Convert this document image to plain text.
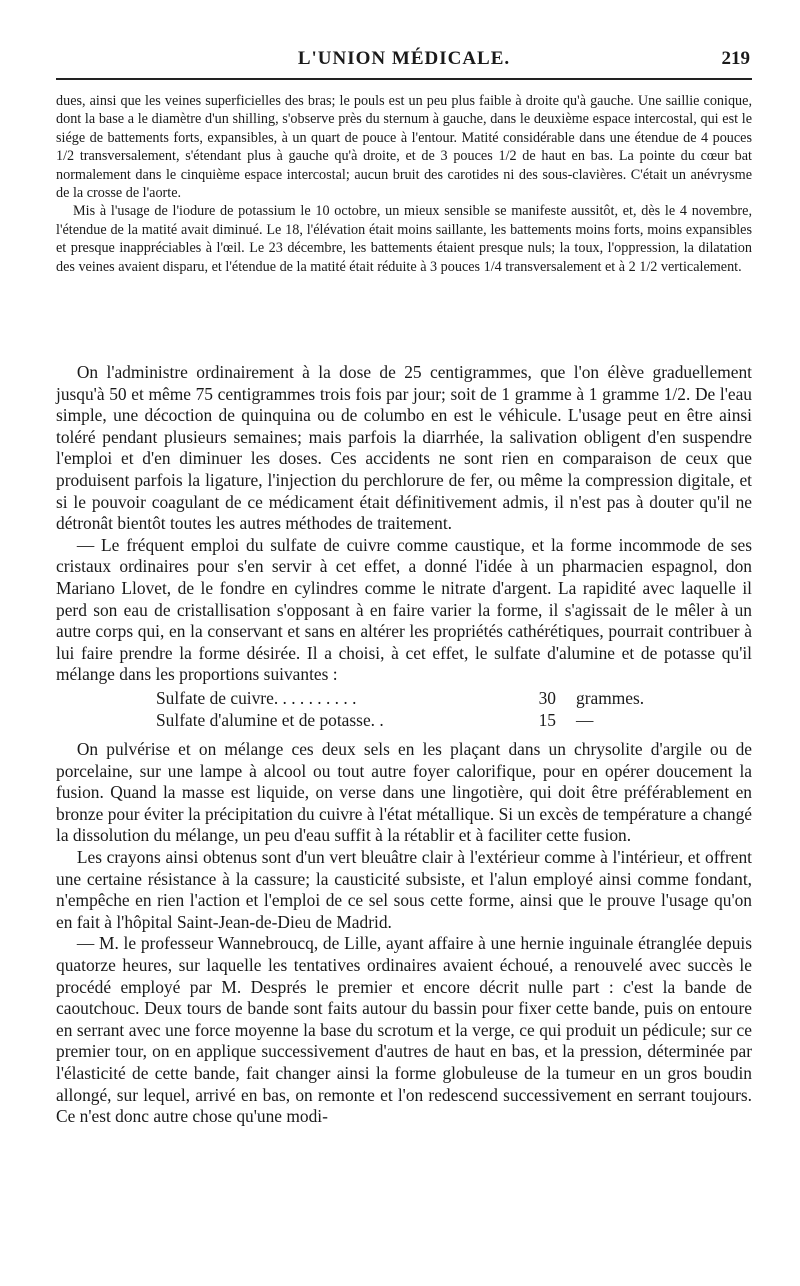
L'UNION MÉDICALE.	219

dues, ainsi que les veines superficielles des bras; le pouls est un peu plus faible à droite qu'à gauche. Une saillie conique, dont la base a le diamètre d'un shilling, s'observe près du sternum à gauche, dans le deuxième espace intercostal, qui est le siége de battements forts, expansibles, à un quart de pouce à l'entour. Matité considérable dans une étendue de 4 pouces 1/2 transversalement, s'étendant plus à gauche qu'à droite, et de 3 pouces 1/2 de haut en bas. La pointe du cœur bat normalement dans le cinquième espace intercostal; aucun bruit des carotides ni des sous-clavières. C'était un anévrysme de la crosse de l'aorte.

Mis à l'usage de l'iodure de potassium le 10 octobre, un mieux sensible se manifeste aussitôt, et, dès le 4 novembre, l'étendue de la matité avait diminué. Le 18, l'élévation était moins saillante, les battements moins forts, moins expansibles et presque inappréciables à l'œil. Le 23 décembre, les battements étaient presque nuls; la toux, l'oppression, la dilatation des veines avaient disparu, et l'étendue de la matité était réduite à 3 pouces 1/4 transversalement et à 2 1/2 verticalement.

On l'administre ordinairement à la dose de 25 centigrammes, que l'on élève graduellement jusqu'à 50 et même 75 centigrammes trois fois par jour; soit de 1 gramme à 1 gramme 1/2. De l'eau simple, une décoction de quinquina ou de columbo en est le véhicule. L'usage peut en être ainsi toléré pendant plusieurs semaines; mais parfois la diarrhée, la salivation obligent d'en suspendre l'emploi et d'en diminuer les doses. Ces accidents ne sont rien en comparaison de ceux que produisent parfois la ligature, l'injection du perchlorure de fer, ou même la compression digitale, et si le pouvoir coagulant de ce médicament était définitivement admis, il n'est pas à douter qu'il ne détronât bientôt toutes les autres méthodes de traitement.

— Le fréquent emploi du sulfate de cuivre comme caustique, et la forme incommode de ses cristaux ordinaires pour s'en servir à cet effet, a donné l'idée à un pharmacien espagnol, don Mariano Llovet, de le fondre en cylindres comme le nitrate d'argent. La rapidité avec laquelle il perd son eau de cristallisation s'opposant à en faire varier la forme, il s'agissait de le mêler à un autre corps qui, en la conservant et sans en altérer les propriétés cathérétiques, pourrait contribuer à lui faire prendre la forme désirée. Il a choisi, à cet effet, le sulfate d'alumine et de potasse qu'il mélange dans les proportions suivantes :

Sulfate de cuivre. . . . . . . . . .	30	grammes.
Sulfate d'alumine et de potasse. .	15	—

On pulvérise et on mélange ces deux sels en les plaçant dans un chrysolite d'argile ou de porcelaine, sur une lampe à alcool ou tout autre foyer calorifique, pour en opérer doucement la fusion. Quand la masse est liquide, on verse dans une lingotière, qui doit être préférablement en bronze pour éviter la précipitation du cuivre à l'état métallique. Si un excès de température a changé la dissolution du mélange, un peu d'eau suffit à la rétablir et à faciliter cette fusion.

Les crayons ainsi obtenus sont d'un vert bleuâtre clair à l'extérieur comme à l'intérieur, et offrent une certaine résistance à la cassure; la causticité subsiste, et l'alun employé ainsi comme fondant, n'empêche en rien l'action et l'emploi de ce sel sous cette forme, ainsi que le prouve l'usage qu'on en fait à l'hôpital Saint-Jean-de-Dieu de Madrid.

— M. le professeur Wannebroucq, de Lille, ayant affaire à une hernie inguinale étranglée depuis quatorze heures, sur laquelle les tentatives ordinaires avaient échoué, a renouvelé avec succès le procédé employé par M. Després le premier et encore décrit nulle part : c'est la bande de caoutchouc. Deux tours de bande sont faits autour du bassin pour fixer cette bande, puis on entoure en serrant avec une force moyenne la base du scrotum et la verge, ce qui produit un pédicule; sur ce premier tour, on en applique successivement d'autres de haut en bas, et la pression, déterminée par l'élasticité de cette bande, fait changer ainsi la forme globuleuse de la tumeur en un gros boudin allongé, sur lequel, arrivé en bas, on remonte et l'on redescend successivement en serrant toujours. Ce n'est donc autre chose qu'une modi-
